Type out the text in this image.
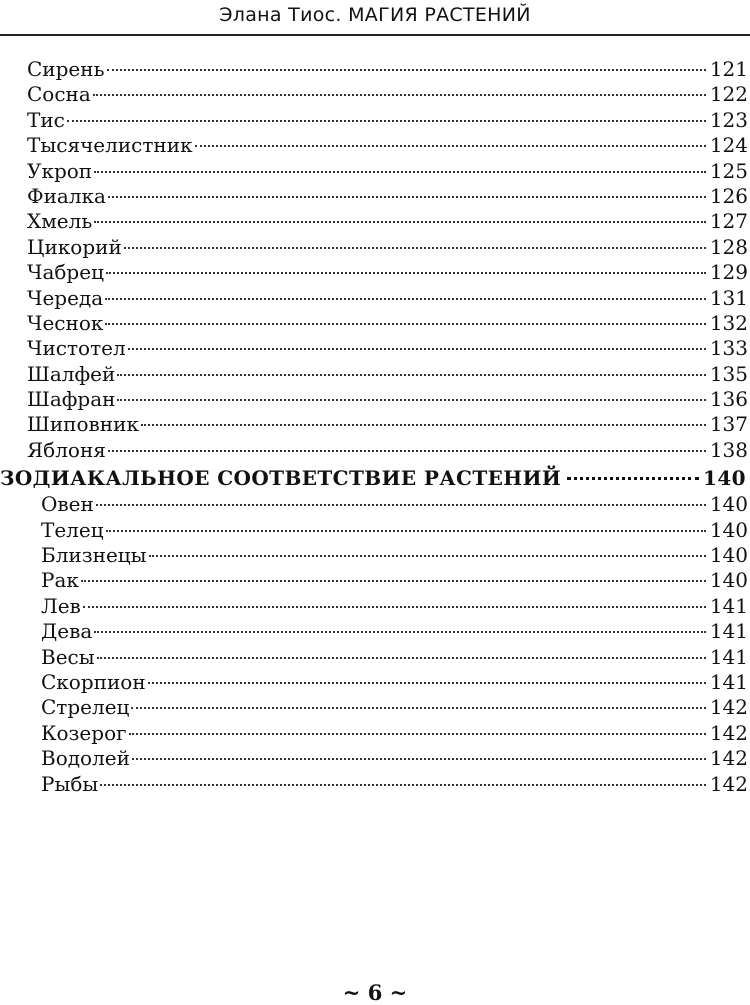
Элана Тиос. МАГИЯ РАСТЕНИЙ
Сирень	121
Сосна	122
Тис	123
Тысячелистник	124
Укроп	125
Фиалка	126
Хмель	127
Цикорий	128
Чабрец	129
Череда	131
Чеснок	132
Чистотел	133
Шалфей	135
Шафран	136
Шиповник	137
Яблоня	138
ЗОДИАКАЛЬНОЕ СООТВЕТСТВИЕ РАСТЕНИЙ	140
Овен	140
Телец	140
Близнецы	140
Рак	140
Лев	141
Дева	141
Весы	141
Скорпион	141
Стрелец	142
Козерог	142
Водолей	142
Рыбы	142
~ 6 ~
